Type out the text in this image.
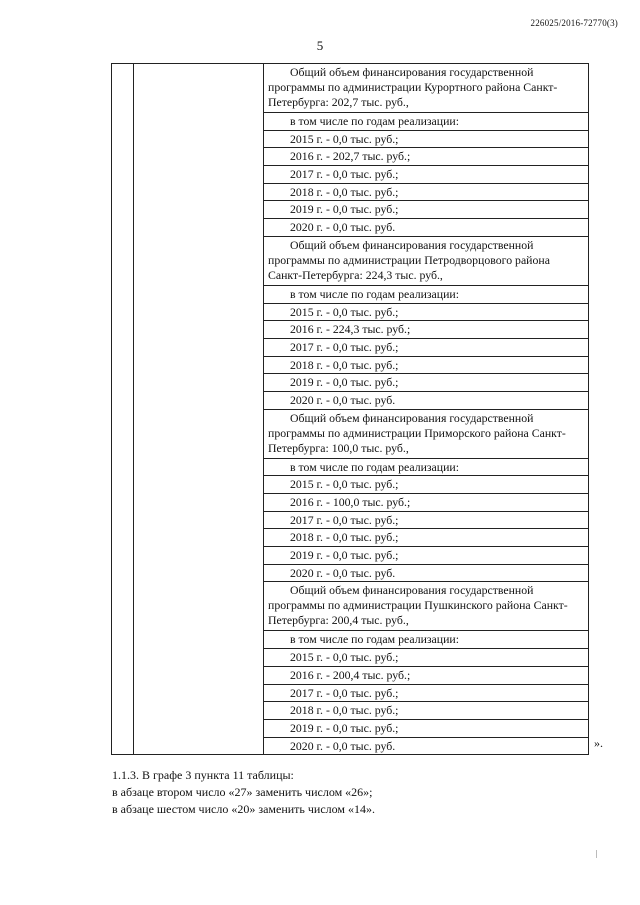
226025/2016-72770(3)
5
Общий объем финансирования государственной программы по администрации Курортного района Санкт-Петербурга: 202,7 тыс. руб.,
в том числе по годам реализации:
2015 г. - 0,0 тыс. руб.;
2016 г. - 202,7 тыс. руб.;
2017 г. - 0,0 тыс. руб.;
2018 г. - 0,0 тыс. руб.;
2019 г. - 0,0 тыс. руб.;
2020 г. - 0,0 тыс. руб.
Общий объем финансирования государственной программы по администрации Петродворцового района Санкт-Петербурга: 224,3 тыс. руб.,
в том числе по годам реализации:
2015 г. - 0,0 тыс. руб.;
2016 г. - 224,3 тыс. руб.;
2017 г. - 0,0 тыс. руб.;
2018 г. - 0,0 тыс. руб.;
2019 г. - 0,0 тыс. руб.;
2020 г. - 0,0 тыс. руб.
Общий объем финансирования государственной программы по администрации Приморского района Санкт-Петербурга: 100,0 тыс. руб.,
в том числе по годам реализации:
2015 г. - 0,0 тыс. руб.;
2016 г. - 100,0 тыс. руб.;
2017 г. - 0,0 тыс. руб.;
2018 г. - 0,0 тыс. руб.;
2019 г. - 0,0 тыс. руб.;
2020 г. - 0,0 тыс. руб.
Общий объем финансирования государственной программы по администрации Пушкинского района Санкт-Петербурга: 200,4 тыс. руб.,
в том числе по годам реализации:
2015 г. - 0,0 тыс. руб.;
2016 г. - 200,4 тыс. руб.;
2017 г. - 0,0 тыс. руб.;
2018 г. - 0,0 тыс. руб.;
2019 г. - 0,0 тыс. руб.;
2020 г. - 0,0 тыс. руб.	».
1.1.3. В графе 3 пункта 11 таблицы:
в абзаце втором число «27» заменить числом «26»;
в абзаце шестом число «20» заменить числом «14».
